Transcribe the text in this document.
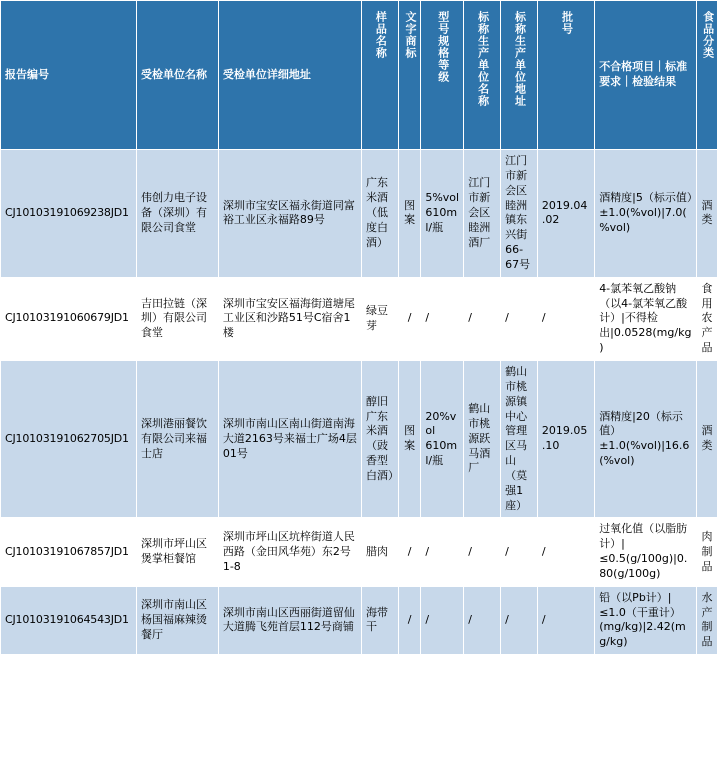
报告编号	受检单位名称	受检单位详细地址	样品名称	文字商标	型号规格等级	标称生产单位名称	标称生产单位地址	批号	不合格项目｜标准要求｜检验结果	食品分类

CJ10103191069238JD1	伟创力电子设备（深圳）有限公司食堂	深圳市宝安区福永街道同富裕工业区永福路89号	广东米酒（低度白酒）	图案	5%vol 610ml/瓶	江门市新会区睦洲酒厂	江门市新会区睦洲镇东兴街66-67号	2019.04.02	酒精度|5（标示值）±1.0(%vol)|7.0(%vol)	酒类
CJ10103191060679JD1	吉田拉链（深圳）有限公司食堂	深圳市宝安区福海街道塘尾工业区和沙路51号C宿舍1楼	绿豆芽	/	/	/	/	/	4-氯苯氧乙酸钠（以4-氯苯氧乙酸计）|不得检出|0.0528(mg/kg)	食用农产品
CJ10103191062705JD1	深圳港丽餐饮有限公司来福士店	深圳市南山区南山街道南海大道2163号来福士广场4层01号	醇旧广东米酒（豉香型白酒）	图案	20%vol 610ml/瓶	鹤山市桃源跃马酒厂	鹤山市桃源镇中心管理区马山（莫强1座）	2019.05.10	酒精度|20（标示值）±1.0(%vol)|16.6(%vol)	酒类
CJ10103191067857JD1	深圳市坪山区煲掌柜餐馆	深圳市坪山区坑梓街道人民西路（金田风华苑）东2号1-8	腊肉	/	/	/	/	/	过氧化值（以脂肪计）|≤0.5(g/100g)|0.80(g/100g)	肉制品
CJ10103191064543JD1	深圳市南山区杨国福麻辣烫餐厅	深圳市南山区西丽街道留仙大道腾飞苑首层112号商铺	海带干	/	/	/	/	/	铅（以Pb计）|≤1.0（干重计）(mg/kg)|2.42(mg/kg)	水产制品
